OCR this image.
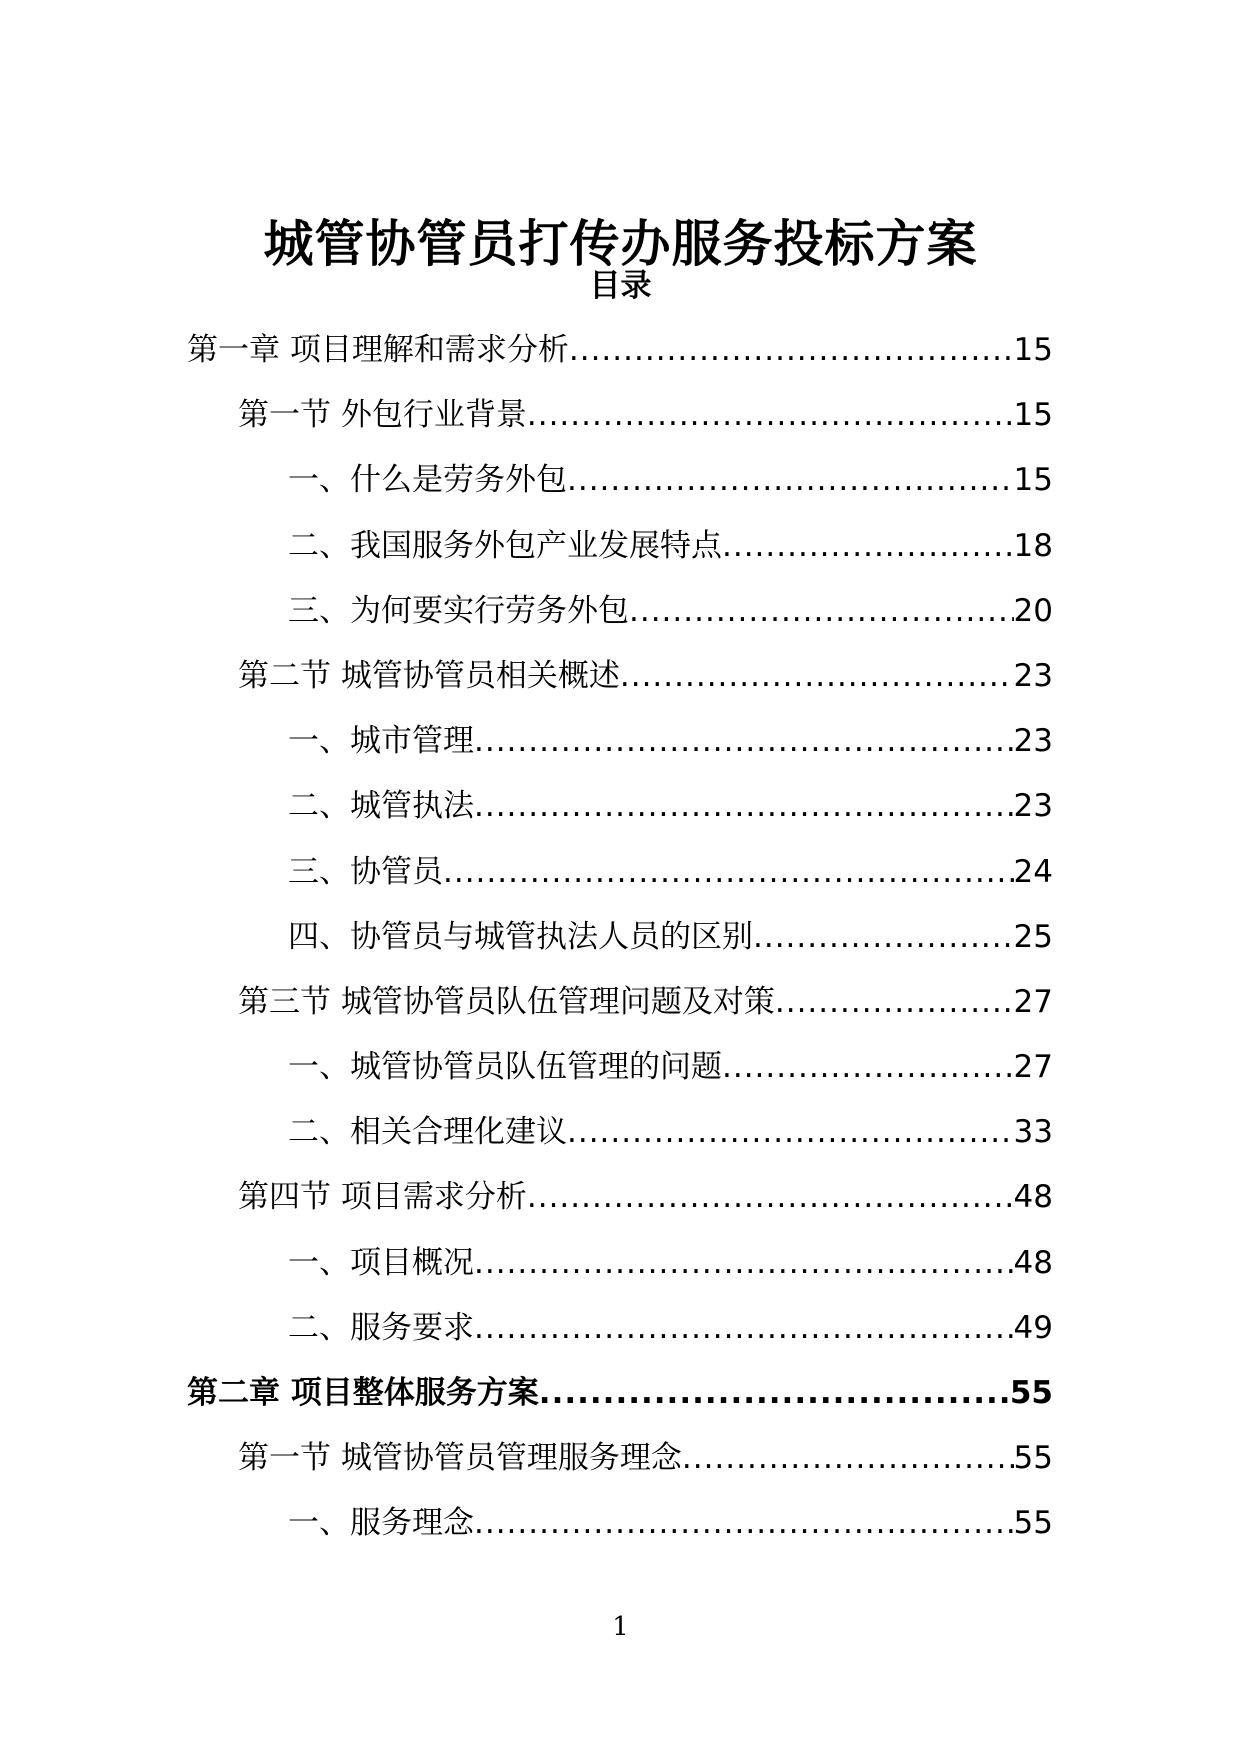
城管协管员打传办服务投标方案
目录
第一章 项目理解和需求分析 .....	15
第一节 外包行业背景 .....	15
一、什么是劳务外包 .....	15
二、我国服务外包产业发展特点 .....	18
三、为何要实行劳务外包 .....	20
第二节 城管协管员相关概述 .....	23
一、城市管理 .....	23
二、城管执法 .....	23
三、协管员 .....	24
四、协管员与城管执法人员的区别 .....	25
第三节 城管协管员队伍管理问题及对策 .....	27
一、城管协管员队伍管理的问题 .....	27
二、相关合理化建议 .....	33
第四节 项目需求分析 .....	48
一、项目概况 .....	48
二、服务要求 .....	49
第二章 项目整体服务方案 .....	55
第一节 城管协管员管理服务理念 .....	55
一、服务理念 .....	55
1
